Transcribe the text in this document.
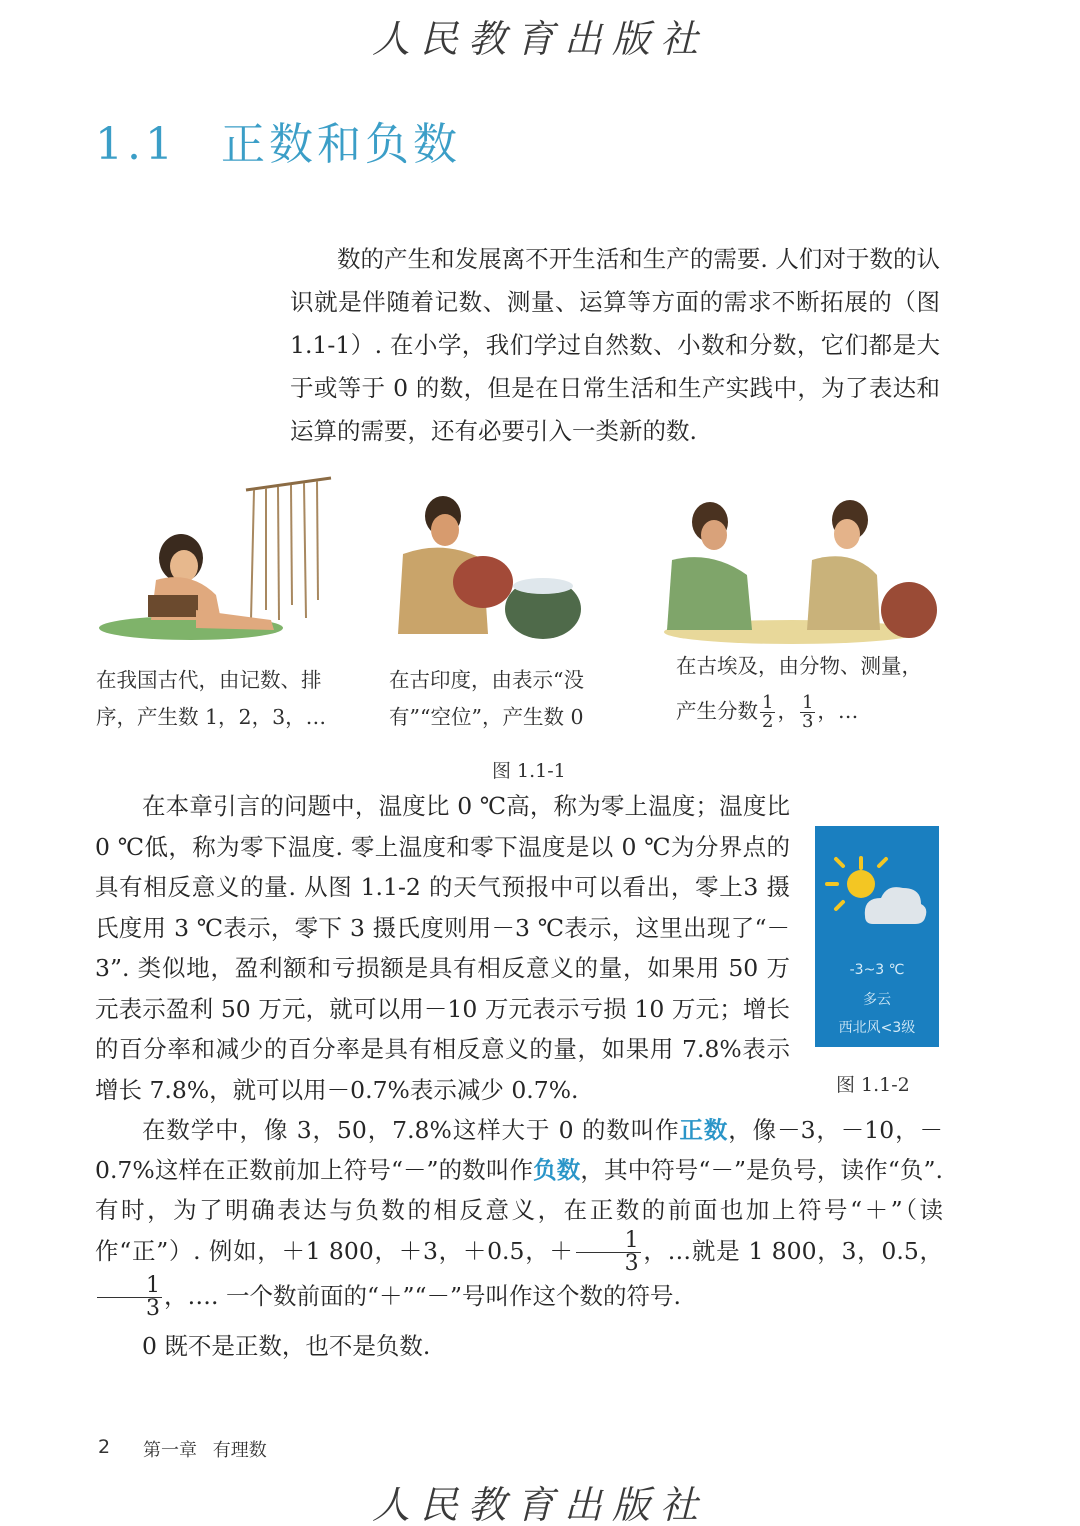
人民教育出版社
1.1 正数和负数

数的产生和发展离不开生活和生产的需要. 人们对于数的认识就是伴随着记数、测量、运算等方面的需求不断拓展的（图 1.1-1）. 在小学，我们学过自然数、小数和分数，它们都是大于或等于 0 的数，但是在日常生活和生产实践中，为了表达和运算的需要，还有必要引入一类新的数.

在我国古代，由记数、排序，产生数 1，2，3，…
在古印度，由表示“没有”“空位”，产生数 0
在古埃及，由分物、测量，
产生分数 $\frac{1}{2}$ ， $\frac{1}{3}$ ，…
图 1.1-1

在本章引言的问题中，温度比 0 ℃高，称为零上温度；温度比 0 ℃低，称为零下温度. 零上温度和零下温度是以 0 ℃为分界点的具有相反意义的量. 从图 1.1-2 的天气预报中可以看出，零上3 摄氏度用 3 ℃表示，零下 3 摄氏度则用－3 ℃表示，这里出现了“－3”. 类似地，盈利额和亏损额是具有相反意义的量，如果用 50 万元表示盈利 50 万元，就可以用－10 万元表示亏损 10 万元；增长的百分率和减少的百分率是具有相反意义的量，如果用 7.8%表示增长 7.8%，就可以用－0.7%表示减少 0.7%.

-3~3 ℃
多云
西北风<3级
图 1.1-2

在数学中，像 3，50，7.8%这样大于 0 的数叫作正数，像－3，－10，－0.7%这样在正数前加上符号“－”的数叫作负数，其中符号“－”是负号，读作“负”. 有时，为了明确表达与负数的相反意义，在正数的前面也加上符号“＋”（读作“正”）. 例如，＋1 800，＋3，＋0.5，＋ $\frac{1}{3}$ ，…就是 1 800，3，0.5，
$\frac{1}{3}$ ，…. 一个数前面的“＋”“－”号叫作这个数的符号.

0 既不是正数，也不是负数.

2 第一章 有理数
人民教育出版社
